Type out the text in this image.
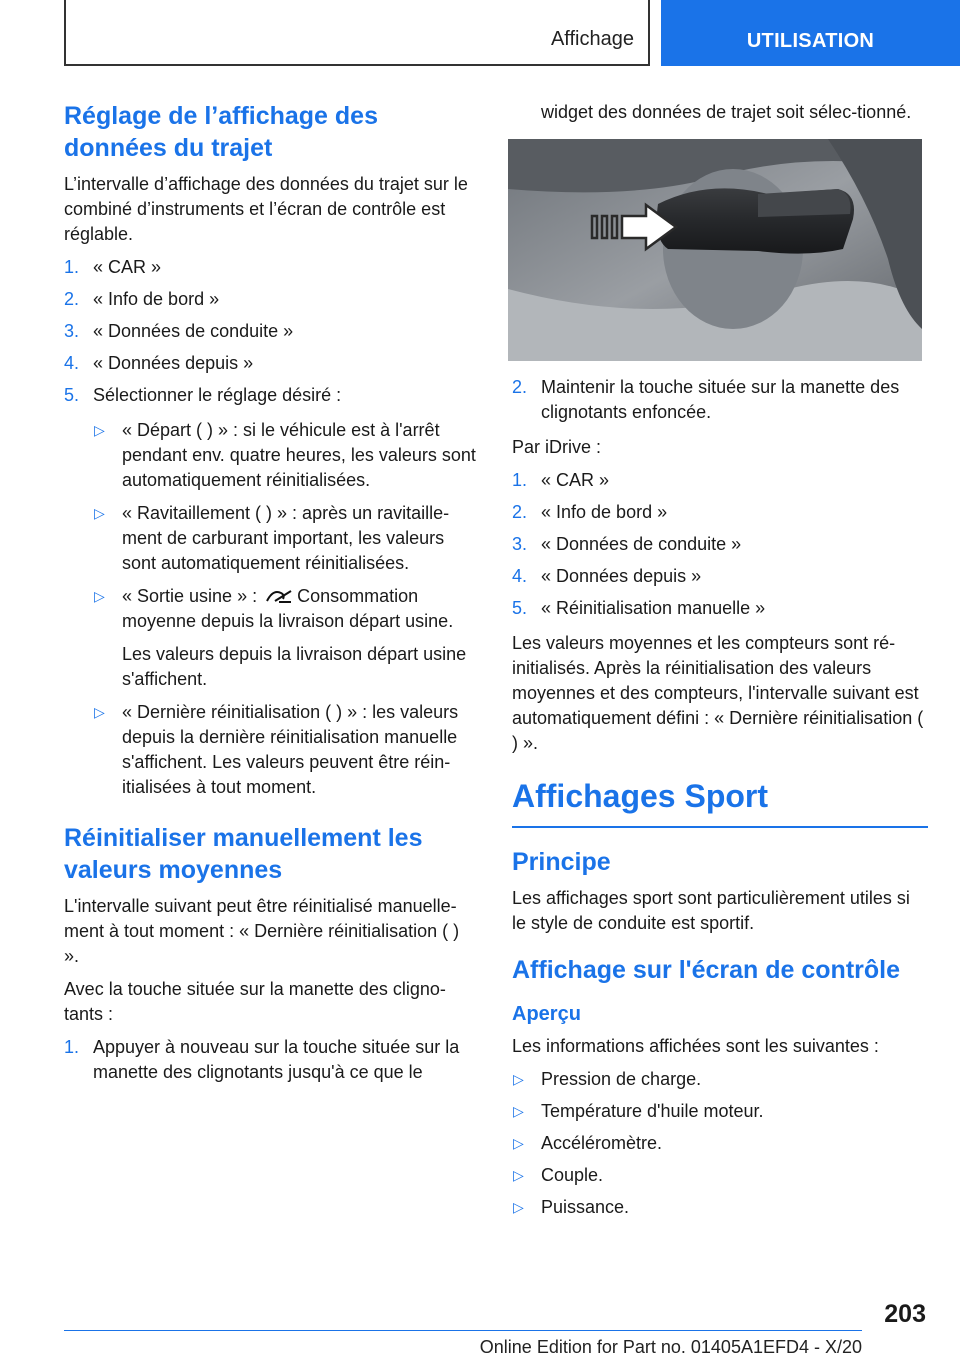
Affichage	UTILISATION
Réglage de l’affichage des données du trajet

L’intervalle d’affichage des données du trajet sur le combiné d’instruments et l’écran de contrôle est réglable.

1. « CAR »
2. « Info de bord »
3. « Données de conduite »
4. « Données depuis »
5. Sélectionner le réglage désiré :
▷ « Départ ( ) » : si le véhicule est à l'arrêt pendant env. quatre heures, les valeurs sont automatiquement réinitialisées.
▷ « Ravitaillement ( ) » : après un ravitaille‐ment de carburant important, les valeurs sont automatiquement réinitialisées.
▷ « Sortie usine » : Consommation moyenne depuis la livraison départ usine.
Les valeurs depuis la livraison départ usine s'affichent.
▷ « Dernière réinitialisation ( ) » : les valeurs depuis la dernière réinitialisation manuelle s'affichent. Les valeurs peuvent être réin‐itialisées à tout moment.
Réinitialiser manuellement les valeurs moyennes

L'intervalle suivant peut être réinitialisé manuelle‐ment à tout moment : « Dernière réinitialisation ( ) ».

Avec la touche située sur la manette des cligno‐tants :

1. Appuyer à nouveau sur la touche située sur la manette des clignotants jusqu'à ce que le

widget des données de trajet soit sélec‐tionné.

2. Maintenir la touche située sur la manette des clignotants enfoncée.

Par iDrive :

1. « CAR »
2. « Info de bord »
3. « Données de conduite »
4. « Données depuis »
5. « Réinitialisation manuelle »

Les valeurs moyennes et les compteurs sont ré‐initialisés. Après la réinitialisation des valeurs moyennes et des compteurs, l'intervalle suivant est automatiquement défini : « Dernière réinitialisation ( ) ».

Affichages Sport
Principe

Les affichages sport sont particulièrement utiles si le style de conduite est sportif.

Affichage sur l'écran de contrôle
Aperçu

Les informations affichées sont les suivantes :

▷ Pression de charge.
▷ Température d'huile moteur.
▷ Accéléromètre.
▷ Couple.
▷ Puissance.
203
Online Edition for Part no. 01405A1EFD4 - X/20
